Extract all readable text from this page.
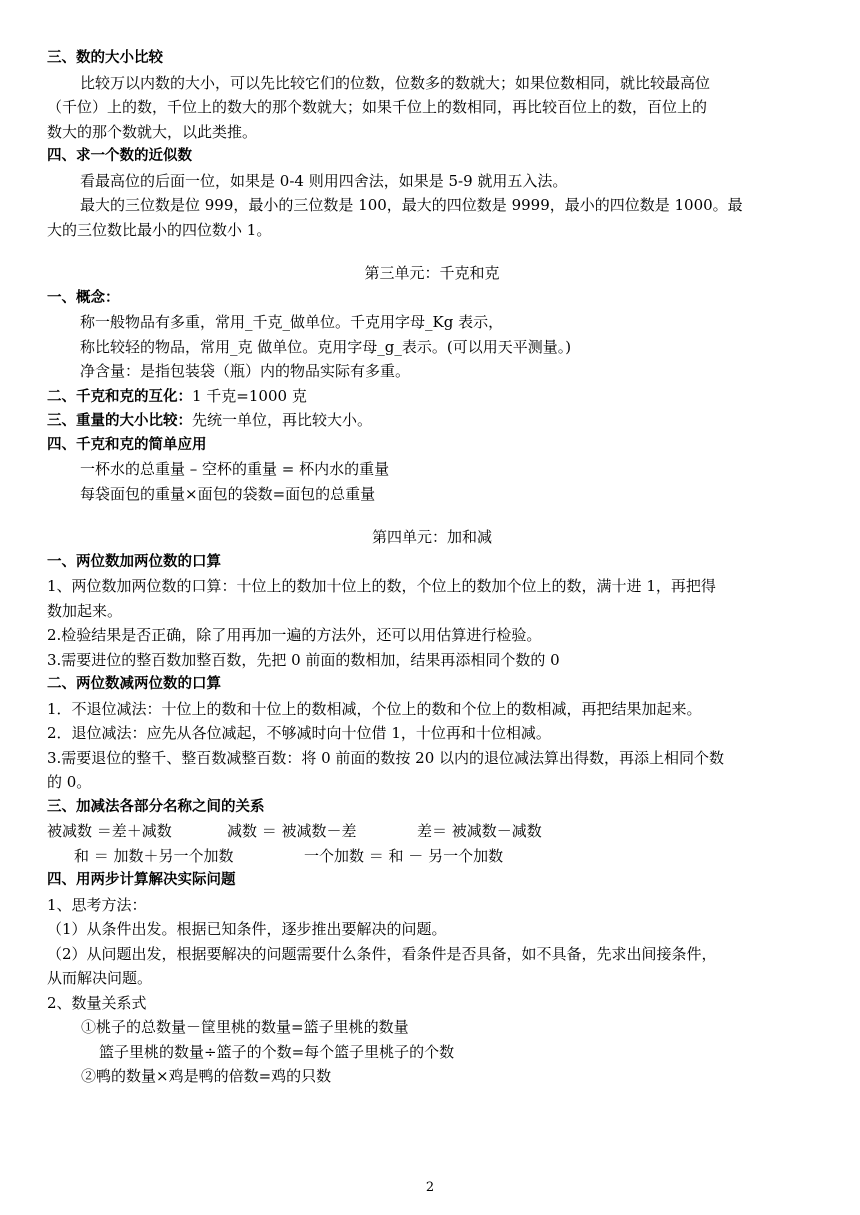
三、数的大小比较
比较万以内数的大小，可以先比较它们的位数，位数多的数就大；如果位数相同，就比较最高位
（千位）上的数，千位上的数大的那个数就大；如果千位上的数相同，再比较百位上的数，百位上的
数大的那个数就大，以此类推。
四、求一个数的近似数
看最高位的后面一位，如果是 0-4 则用四舍法，如果是 5-9 就用五入法。
最大的三位数是位 999，最小的三位数是 100，最大的四位数是 9999，最小的四位数是 1000。最
大的三位数比最小的四位数小 1。
第三单元：千克和克
一、概念：
称一般物品有多重，常用_千克_做单位。千克用字母_Kg 表示，
称比较轻的物品，常用_克 做单位。克用字母_g_表示。(可以用天平测量。)
净含量：是指包装袋（瓶）内的物品实际有多重。
二、千克和克的互化：1 千克=1000 克
三、重量的大小比较：先统一单位，再比较大小。
四、千克和克的简单应用
一杯水的总重量 – 空杯的重量 = 杯内水的重量
每袋面包的重量×面包的袋数=面包的总重量
第四单元：加和减
一、两位数加两位数的口算
1、两位数加两位数的口算：十位上的数加十位上的数，个位上的数加个位上的数，满十进 1，再把得
数加起来。
2.检验结果是否正确，除了用再加一遍的方法外，还可以用估算进行检验。
3.需要进位的整百数加整百数，先把 0 前面的数相加，结果再添相同个数的 0
二、两位数减两位数的口算
1．不退位减法：十位上的数和十位上的数相减，个位上的数和个位上的数相减，再把结果加起来。
2．退位减法：应先从各位减起，不够减时向十位借 1，十位再和十位相减。
3.需要退位的整千、整百数减整百数：将 0 前面的数按 20 以内的退位减法算出得数，再添上相同个数
的 0。
三、加减法各部分名称之间的关系
被减数 ＝差＋减数	减数 ＝ 被减数－差	差＝ 被减数－减数
和 ＝ 加数＋另一个加数	一个加数 ＝ 和 － 另一个加数
四、用两步计算解决实际问题
1、思考方法：
（1）从条件出发。根据已知条件，逐步推出要解决的问题。
（2）从问题出发，根据要解决的问题需要什么条件，看条件是否具备，如不具备，先求出间接条件，
从而解决问题。
2、数量关系式
①桃子的总数量－筐里桃的数量=篮子里桃的数量
篮子里桃的数量÷篮子的个数=每个篮子里桃子的个数
②鸭的数量×鸡是鸭的倍数=鸡的只数
2
